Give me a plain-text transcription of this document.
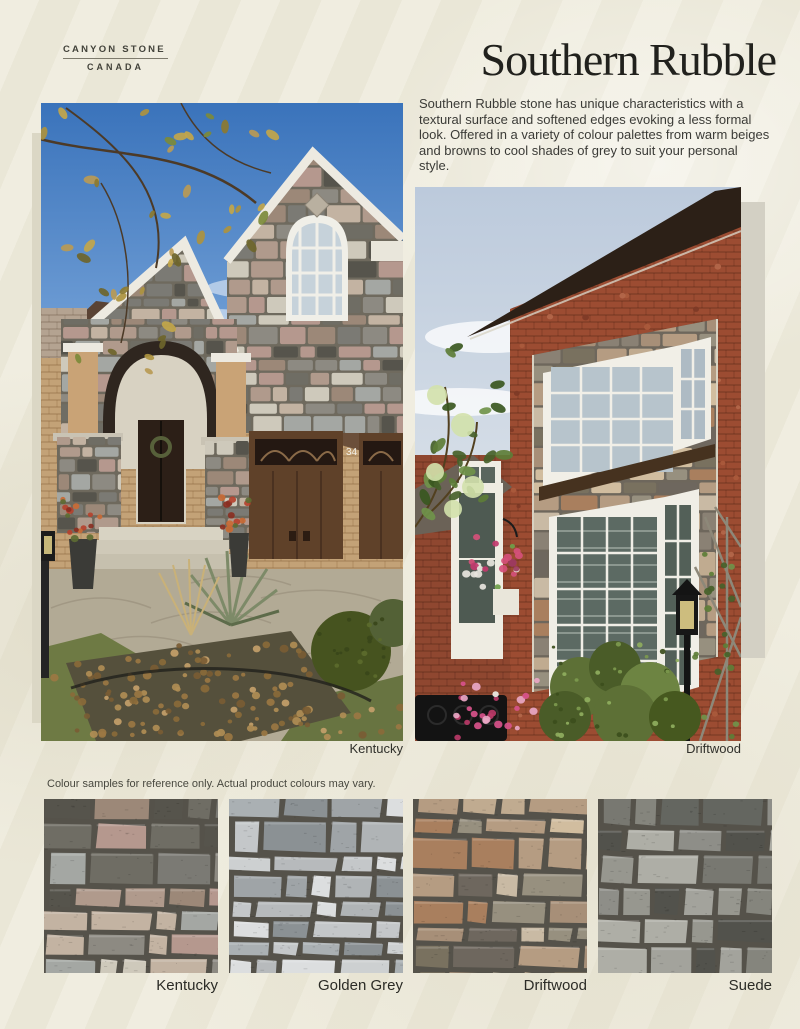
CANYON STONE
CANADA	Southern Rubble
Southern Rubble stone has unique characteristics with a textural surface and softened edges evoking a less formal look. Offered in a variety of colour palettes from warm beiges and browns to cool shades of grey to suit your personal style.
34
Kentucky	Driftwood
Colour samples for reference only. Actual product colours may vary.
Kentucky	Golden Grey	Driftwood	Suede
